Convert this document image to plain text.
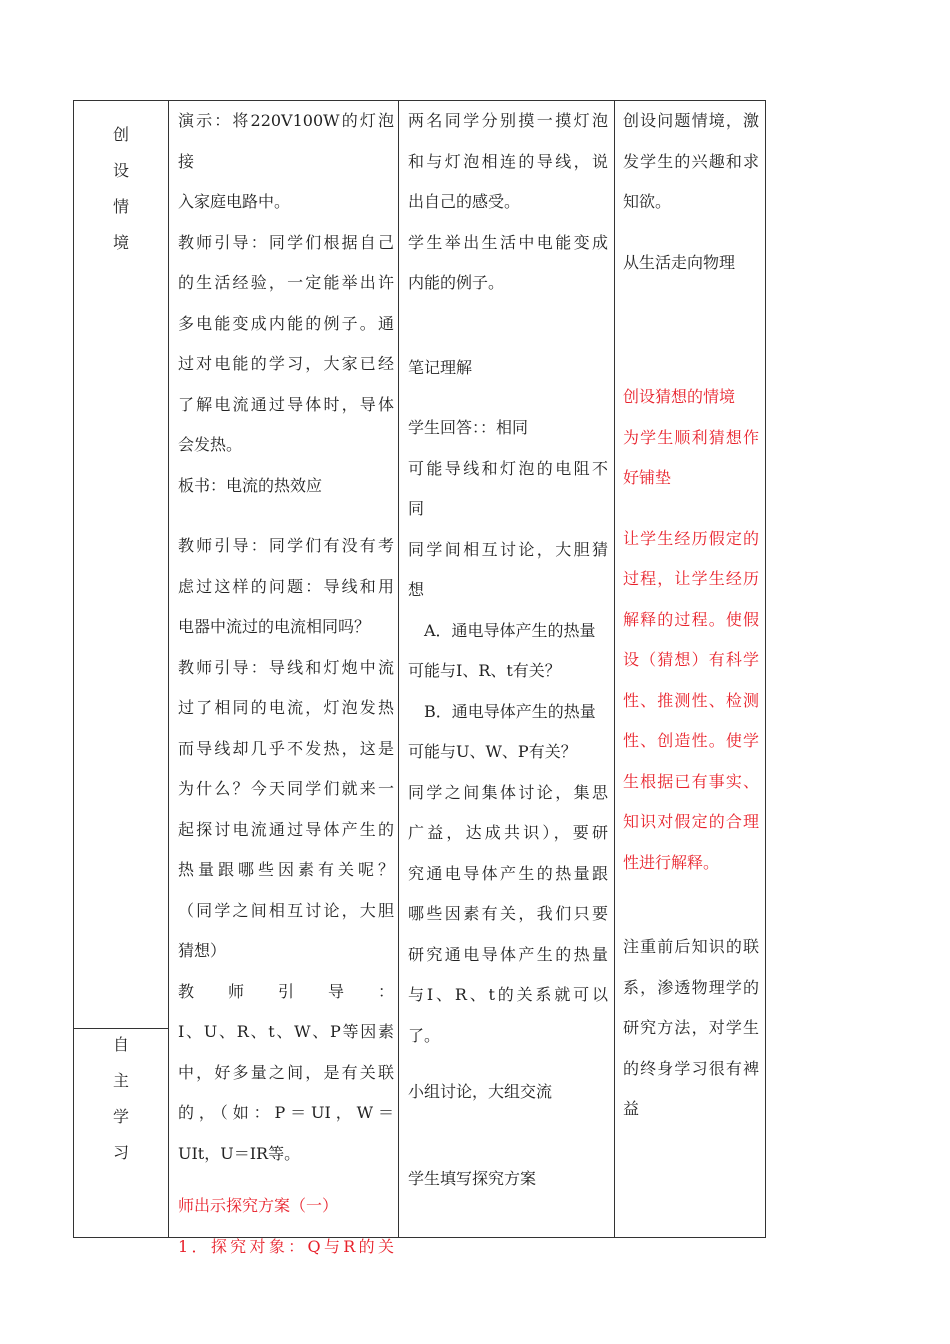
创
设
情
境
自
主
学
习

演示：将220V100W的灯泡接

入家庭电路中。

教师引导：同学们根据自己

的生活经验，一定能举出许

多电能变成内能的例子。通

过对电能的学习，大家已经

了解电流通过导体时，导体

会发热。

板书：电流的热效应

教师引导：同学们有没有考

虑过这样的问题：导线和用

电器中流过的电流相同吗？

教师引导：导线和灯炮中流

过了相同的电流，灯泡发热

而导线却几乎不发热，这是

为什么？今天同学们就来一

起探讨电流通过导体产生的

热量跟哪些因素有关呢？

（同学之间相互讨论，大胆

猜想）

教　师　引　导　：

I、U、R、t、W、P等因素

中，好多量之间，是有关联

的，（如：P＝UI，W＝

UIt，U＝IR等。

师出示探究方案（一）

1．探究对象：Q与R的关

两名同学分别摸一摸灯泡

和与灯泡相连的导线，说

出自己的感受。

学生举出生活中电能变成

内能的例子。

笔记理解

学生回答：：相同

可能导线和灯泡的电阻不

同

同学间相互讨论，大胆猜

想

A．通电导体产生的热量

可能与I、R、t有关？

B．通电导体产生的热量

可能与U、W、P有关？

同学之间集体讨论，集思

广益，达成共识），要研

究通电导体产生的热量跟

哪些因素有关，我们只要

研究通电导体产生的热量

与I、R、t的关系就可以

了。

小组讨论，大组交流

学生填写探究方案

创设问题情境，激

发学生的兴趣和求

知欲。

从生活走向物理

创设猜想的情境

为学生顺利猜想作

好铺垫

让学生经历假定的

过程，让学生经历

解释的过程。使假

设（猜想）有科学

性、推测性、检测

性、创造性。使学

生根据已有事实、

知识对假定的合理

性进行解释。

注重前后知识的联

系，渗透物理学的

研究方法，对学生

的终身学习很有裨

益
